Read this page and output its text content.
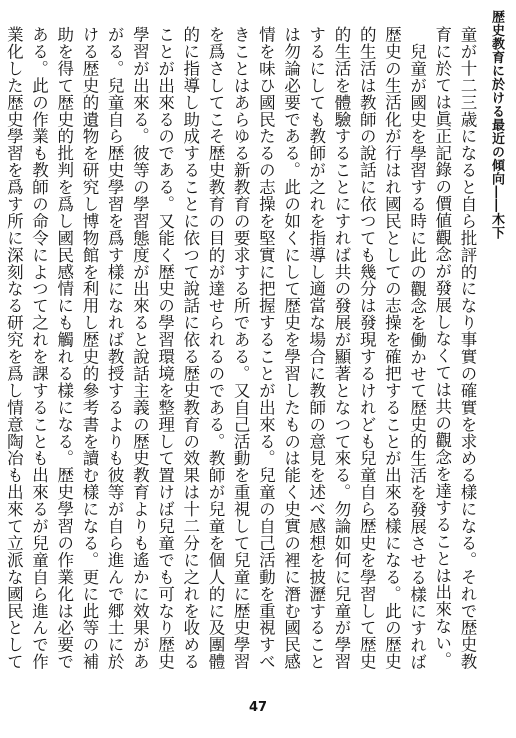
歴史教育に於ける最近の傾向――木下

童が十二三歳になると自ら批評的になり事實の確實を求める樣になる。それで歴史教育に於ては眞正記錄の價値觀念が發展しなくては共の觀念を達することは出來ない。

兒童が國史を學習する時に此の觀念を働かせて歴史的生活を發展させる樣にすれば歴史の生活化が行はれ國民としての志操を確把することが出來る樣になる。此の歴史的生活は教師の說話に依つても幾分は發現するけれども兒童自ら歴史を學習して歴史的生活を體驗することにすれば共の發展が顯著となつて來る。勿論如何に兒童が學習するにしても教師が之れを指導し適當な場合に教師の意見を述べ感想を披瀝することは勿論必要である。此の如くにして歴史を學習したものは能く史實の裡に潛む國民感情を味ひ國民たるの志操を堅實に把握することが出來る。兒童の自己活動を重視すべきことはあらゆる新教育の要求する所である。又自己活動を重視して兒童に歴史學習を爲さしてこそ歴史教育の目的が達せられるのである。教師が兒童を個人的に及團體的に指導し助成することに依つて說話に依る歴史教育の效果は十二分に之れを收めることが出來るのである。又能く歴史の學習環境を整理して置けば兒童でも可なり歴史學習が出來る。彼等の學習態度が出來ると說話主義の歴史教育よりも遙かに效果があがる。兒童自ら歴史學習を爲す樣になれば教授するよりも彼等が自ら進んで郷土に於ける歴史的遺物を研究し博物館を利用し歴史的參考書を讀む樣になる。更に此等の補助を得て歴史的批判を爲し國民感情にも觸れる樣になる。歴史學習の作業化は必要である。此の作業も教師の命令によつて之れを課することも出來るが兒童自ら進んで作業化した歴史學習を爲す所に深刻なる研究を爲し情意陶冶も出來て立派な國民として

47
